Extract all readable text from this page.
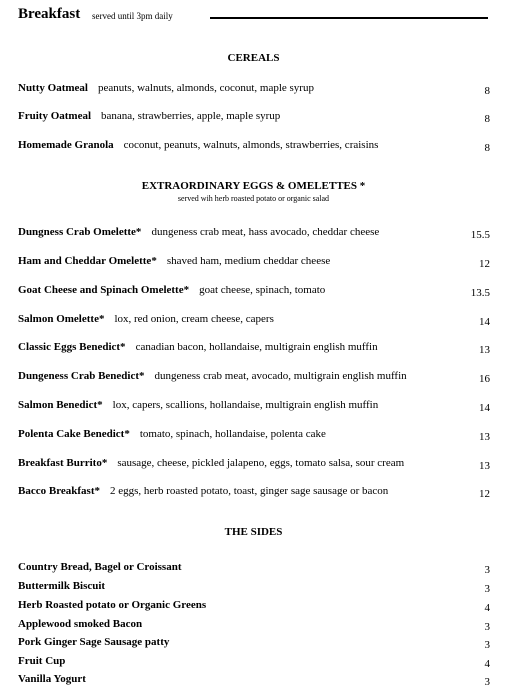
Breakfast served until 3pm daily
CEREALS
Nutty Oatmeal peanuts, walnuts, almonds, coconut, maple syrup	8
Fruity Oatmeal banana, strawberries, apple, maple syrup	8
Homemade Granola coconut, peanuts, walnuts, almonds, strawberries, craisins	8
EXTRAORDINARY EGGS & OMELETTES *
served wih herb roasted potato or organic salad
Dungness Crab Omelette* dungeness crab meat, hass avocado, cheddar cheese	15.5
Ham and Cheddar Omelette* shaved ham, medium cheddar cheese	12
Goat Cheese and Spinach Omelette* goat cheese, spinach, tomato	13.5
Salmon Omelette* lox, red onion, cream cheese, capers	14
Classic Eggs Benedict* canadian bacon, hollandaise, multigrain english muffin	13
Dungeness Crab Benedict* dungeness crab meat, avocado, multigrain english muffin	16
Salmon Benedict* lox, capers, scallions, hollandaise, multigrain english muffin	14
Polenta Cake Benedict* tomato, spinach, hollandaise, polenta cake	13
Breakfast Burrito* sausage, cheese, pickled jalapeno, eggs, tomato salsa, sour cream	13
Bacco Breakfast* 2 eggs, herb roasted potato, toast, ginger sage sausage or bacon	12
THE SIDES
Country Bread, Bagel or Croissant	3
Buttermilk Biscuit	3
Herb Roasted potato or Organic Greens	4
Applewood smoked Bacon	3
Pork Ginger Sage Sausage patty	3
Fruit Cup	4
Vanilla Yogurt	3
